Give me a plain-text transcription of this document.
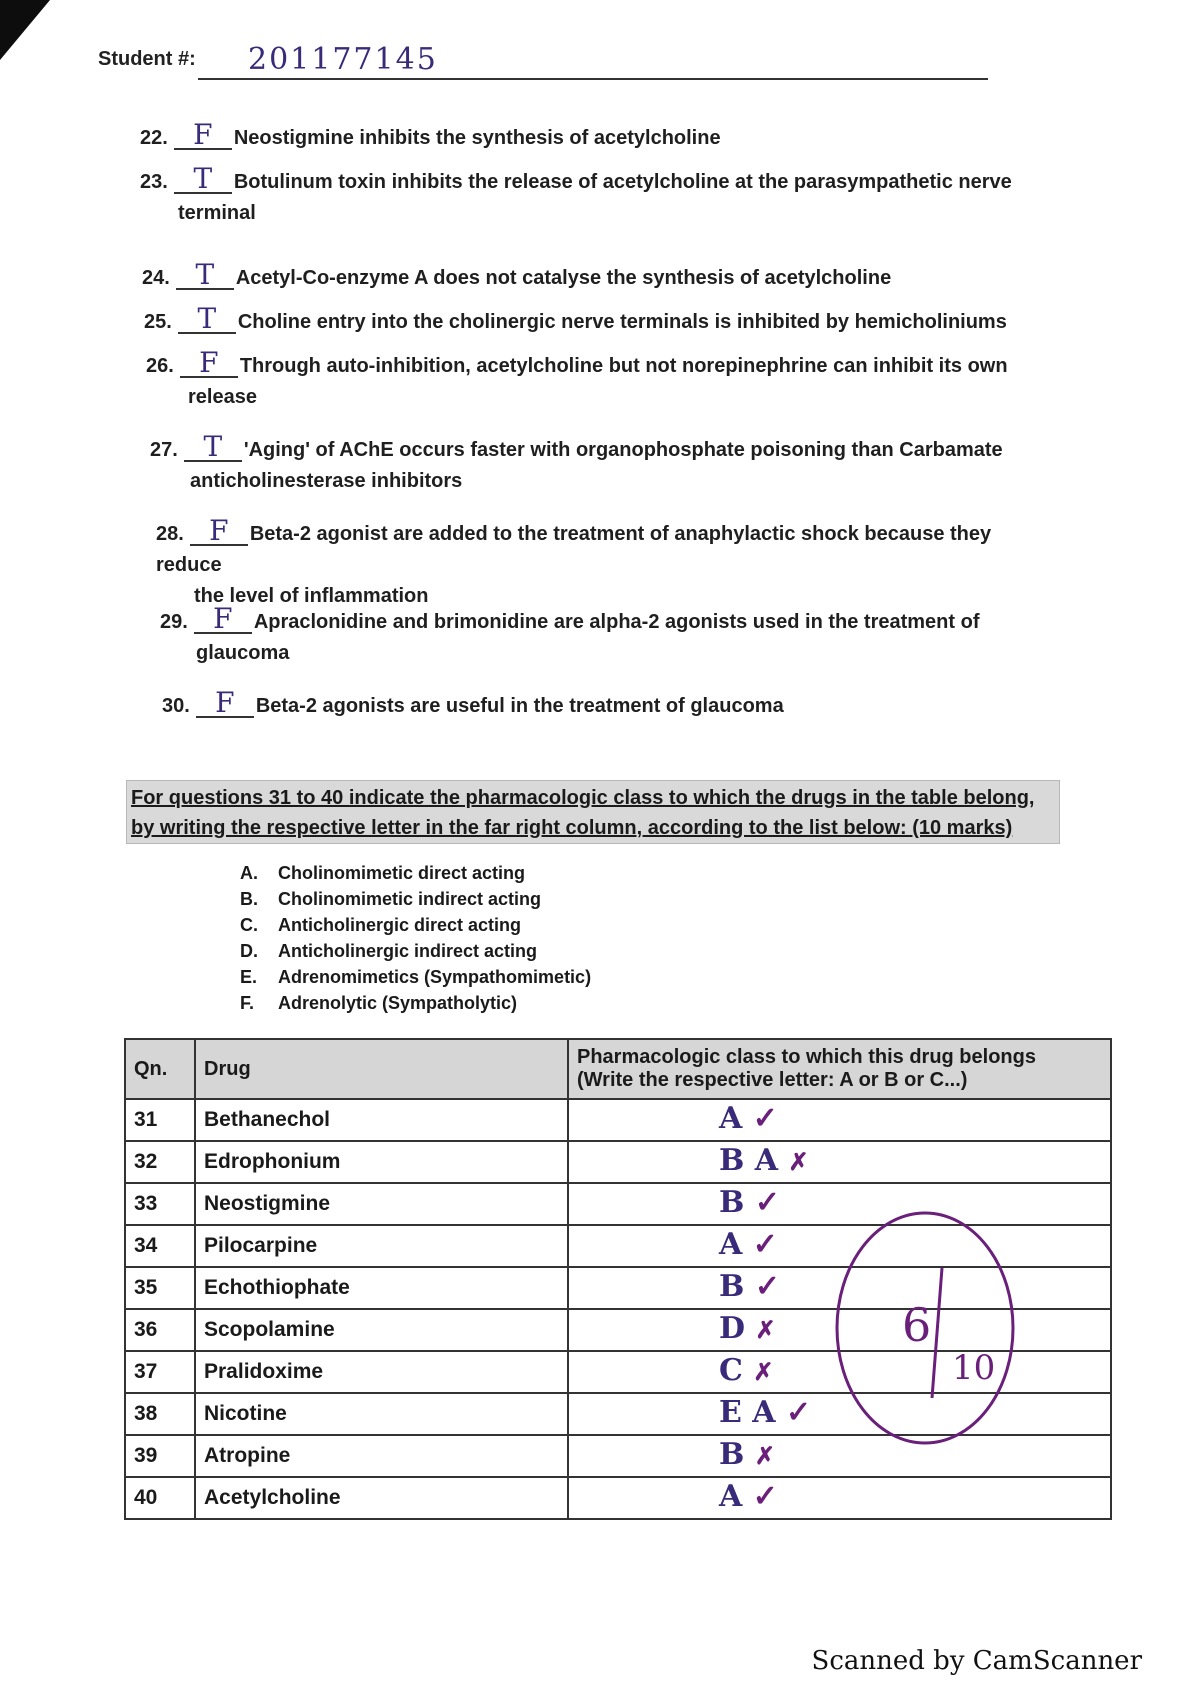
Student #: 201177145
22. F Neostigmine inhibits the synthesis of acetylcholine
23. T Botulinum toxin inhibits the release of acetylcholine at the parasympathetic nerve
terminal
24. T Acetyl-Co-enzyme A does not catalyse the synthesis of acetylcholine
25. T Choline entry into the cholinergic nerve terminals is inhibited by hemicholiniums
26. F Through auto-inhibition, acetylcholine but not norepinephrine can inhibit its own
release
27. T 'Aging' of AChE occurs faster with organophosphate poisoning than Carbamate
anticholinesterase inhibitors
28. F Beta-2 agonist are added to the treatment of anaphylactic shock because they reduce
the level of inflammation
29. F Apraclonidine and brimonidine are alpha-2 agonists used in the treatment of
glaucoma
30. F Beta-2 agonists are useful in the treatment of glaucoma
For questions 31 to 40 indicate the pharmacologic class to which the drugs in the table belong, by writing the respective letter in the far right column, according to the list below: (10 marks)
A.	Cholinomimetic direct acting
B.	Cholinomimetic indirect acting
C.	Anticholinergic direct acting
D.	Anticholinergic indirect acting
E.	Adrenomimetics (Sympathomimetic)
F.	Adrenolytic (Sympatholytic)
Qn.	Drug	Pharmacologic class to which this drug belongs
(Write the respective letter: A or B or C...)

31	Bethanechol	A ✓

32	Edrophonium	B A ✗

33	Neostigmine	B ✓

34	Pilocarpine	A ✓

35	Echothiophate	B ✓

36	Scopolamine	D ✗

37	Pralidoxime	C ✗

38	Nicotine	E A ✓

39	Atropine	B ✗

40	Acetylcholine	A ✓
6
10
Scanned by CamScanner
